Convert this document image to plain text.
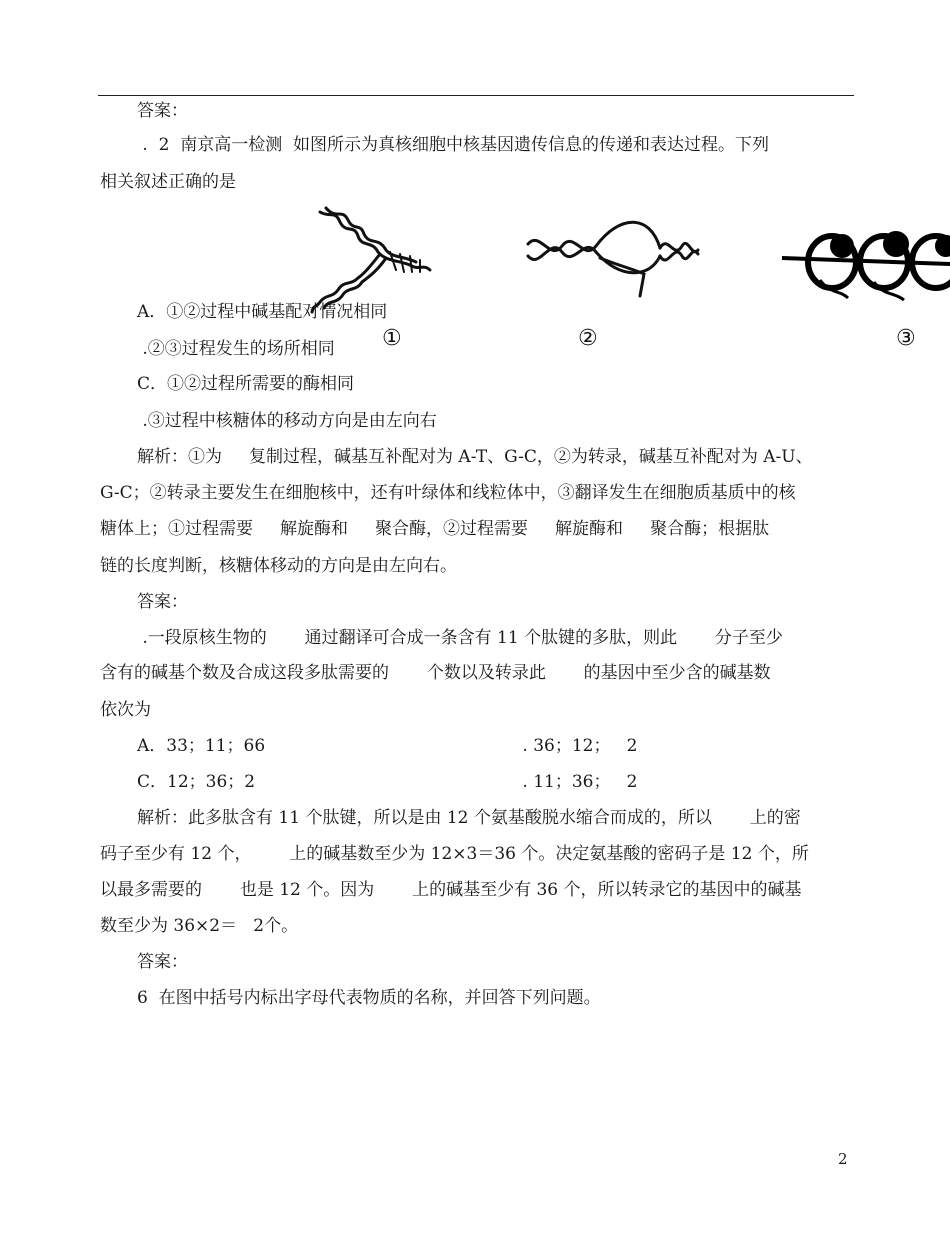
答案：
.  2  南京高一检测  如图所示为真核细胞中核基因遗传信息的传递和表达过程。下列
相关叙述正确的是
①	②	③
A．①②过程中碱基配对情况相同
.②③过程发生的场所相同
C．①②过程所需要的酶相同
.③过程中核糖体的移动方向是由左向右
解析：①为     复制过程，碱基互补配对为 A-T、G-C，②为转录，碱基互补配对为 A-U、
G-C；②转录主要发生在细胞核中，还有叶绿体和线粒体中，③翻译发生在细胞质基质中的核
糖体上；①过程需要     解旋酶和     聚合酶，②过程需要     解旋酶和     聚合酶；根据肽
链的长度判断，核糖体移动的方向是由左向右。
答案：
.一段原核生物的       通过翻译可合成一条含有 11 个肽键的多肽，则此       分子至少
含有的碱基个数及合成这段多肽需要的       个数以及转录此       的基因中至少含的碱基数
依次为
A．33；11；66	. 36；12；   2
C．12；36；2	. 11；36；   2
解析：此多肽含有 11 个肽键，所以是由 12 个氨基酸脱水缩合而成的，所以       上的密
码子至少有 12 个，       上的碱基数至少为 12×3＝36 个。决定氨基酸的密码子是 12 个，所
以最多需要的       也是 12 个。因为       上的碱基至少有 36 个，所以转录它的基因中的碱基
数至少为 36×2＝   2个。
答案：
6  在图中括号内标出字母代表物质的名称，并回答下列问题。
2
